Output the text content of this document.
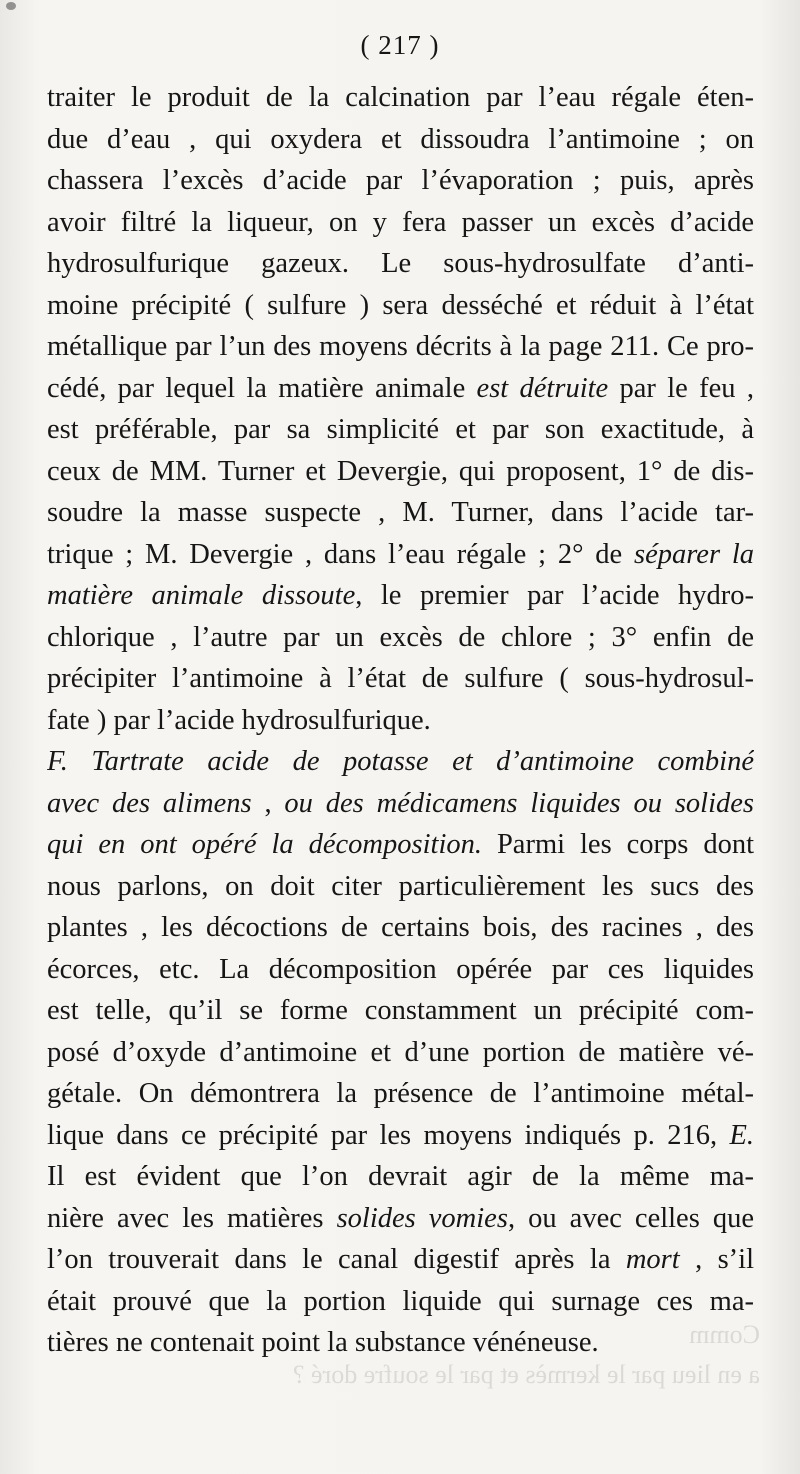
( 217 )
traiter le produit de la calcination par l’eau régale éten-
due d’eau , qui oxydera et dissoudra l’antimoine ; on
chassera l’excès d’acide par l’évaporation ; puis, après
avoir filtré la liqueur, on y fera passer un excès d’acide
hydrosulfurique gazeux. Le sous-hydrosulfate d’anti-
moine précipité ( sulfure ) sera desséché et réduit à l’état
métallique par l’un des moyens décrits à la page 211. Ce pro-
cédé, par lequel la matière animale est détruite par le feu ,
est préférable, par sa simplicité et par son exactitude, à
ceux de MM. Turner et Devergie, qui proposent, 1° de dis-
soudre la masse suspecte , M. Turner, dans l’acide tar-
trique ; M. Devergie , dans l’eau régale ; 2° de séparer la
matière animale dissoute, le premier par l’acide hydro-
chlorique , l’autre par un excès de chlore ; 3° enfin de
précipiter l’antimoine à l’état de sulfure ( sous-hydrosul-
fate ) par l’acide hydrosulfurique.
F. Tartrate acide de potasse et d’antimoine combiné
avec des alimens , ou des médicamens liquides ou solides
qui en ont opéré la décomposition. Parmi les corps dont
nous parlons, on doit citer particulièrement les sucs des
plantes , les décoctions de certains bois, des racines , des
écorces, etc. La décomposition opérée par ces liquides
est telle, qu’il se forme constamment un précipité com-
posé d’oxyde d’antimoine et d’une portion de matière vé-
gétale. On démontrera la présence de l’antimoine métal-
lique dans ce précipité par les moyens indiqués p. 216, E.
Il est évident que l’on devrait agir de la même ma-
nière avec les matières solides vomies, ou avec celles que
l’on trouverait dans le canal digestif après la mort , s’il
était prouvé que la portion liquide qui surnage ces ma-
tières ne contenait point la substance vénéneuse.	Comm
a en lieu par le kermès et par le soufre doré ?
